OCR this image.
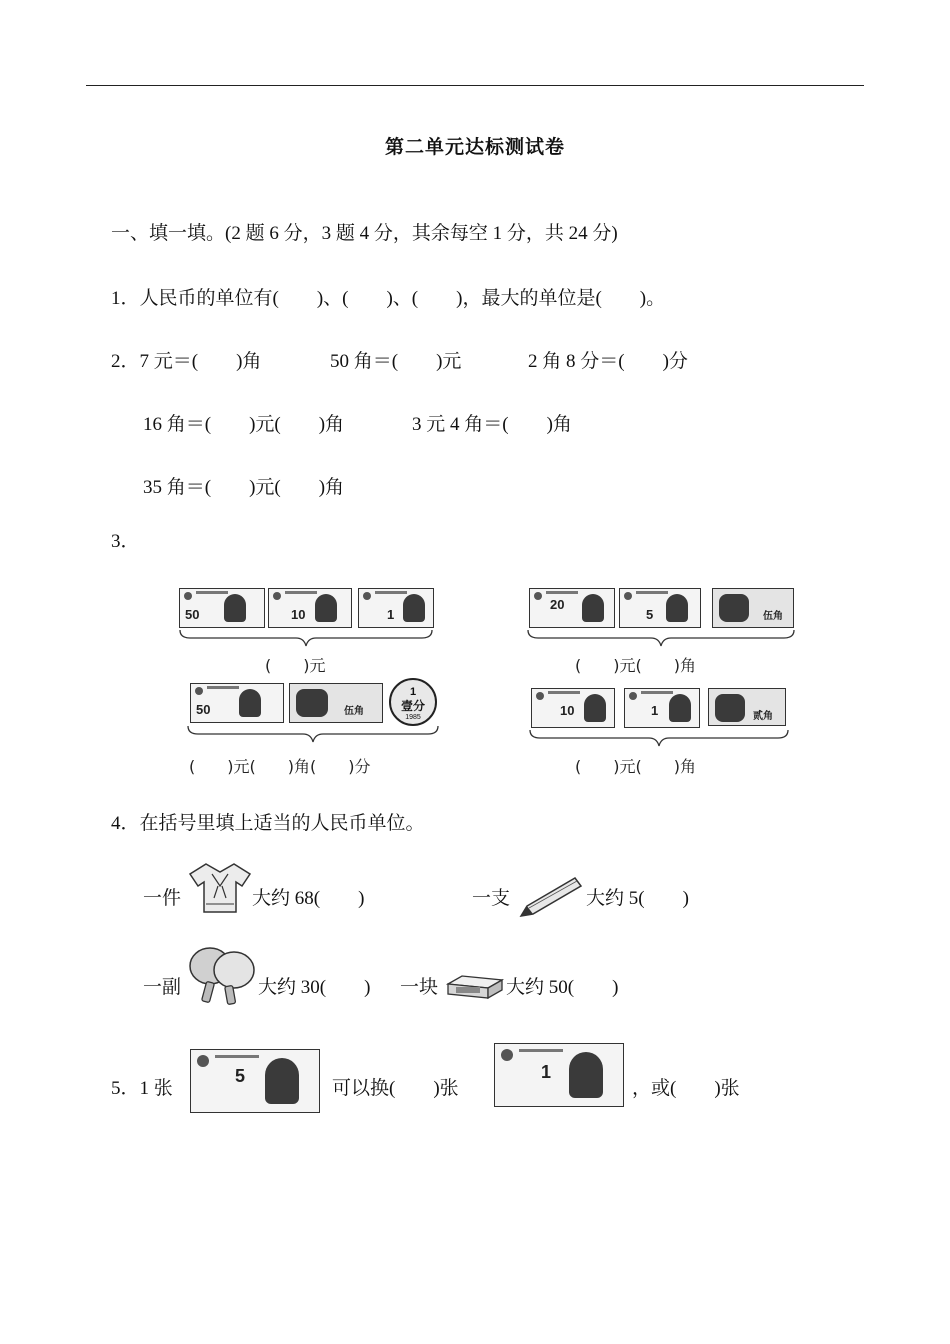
第二单元达标测试卷
一、填一填。(2 题 6 分，3 题 4 分，其余每空 1 分，共 24 分)
1．人民币的单位有(　　)、(　　)、(　　)，最大的单位是(　　)。
2．7 元＝(　　)角	50 角＝(　　)元	2 角 8 分＝(　　)分
16 角＝(　　)元(　　)角	3 元 4 角＝(　　)角
35 角＝(　　)元(　　)角
3．
50	10	1
(　　)元
20
5	伍角
(　　)元(　　)角
50	伍角
1
壹分
1985
(　　)元(　　)角(　　)分
10	1	贰角
(　　)元(　　)角
4．在括号里填上适当的人民币单位。
一件	大约 68(　　)	一支	大约 5(　　)
一副	大约 30(　　) 一块	大约 50(　　)
5．1 张
5
可以换(　　)张
1
，或(　　)张
